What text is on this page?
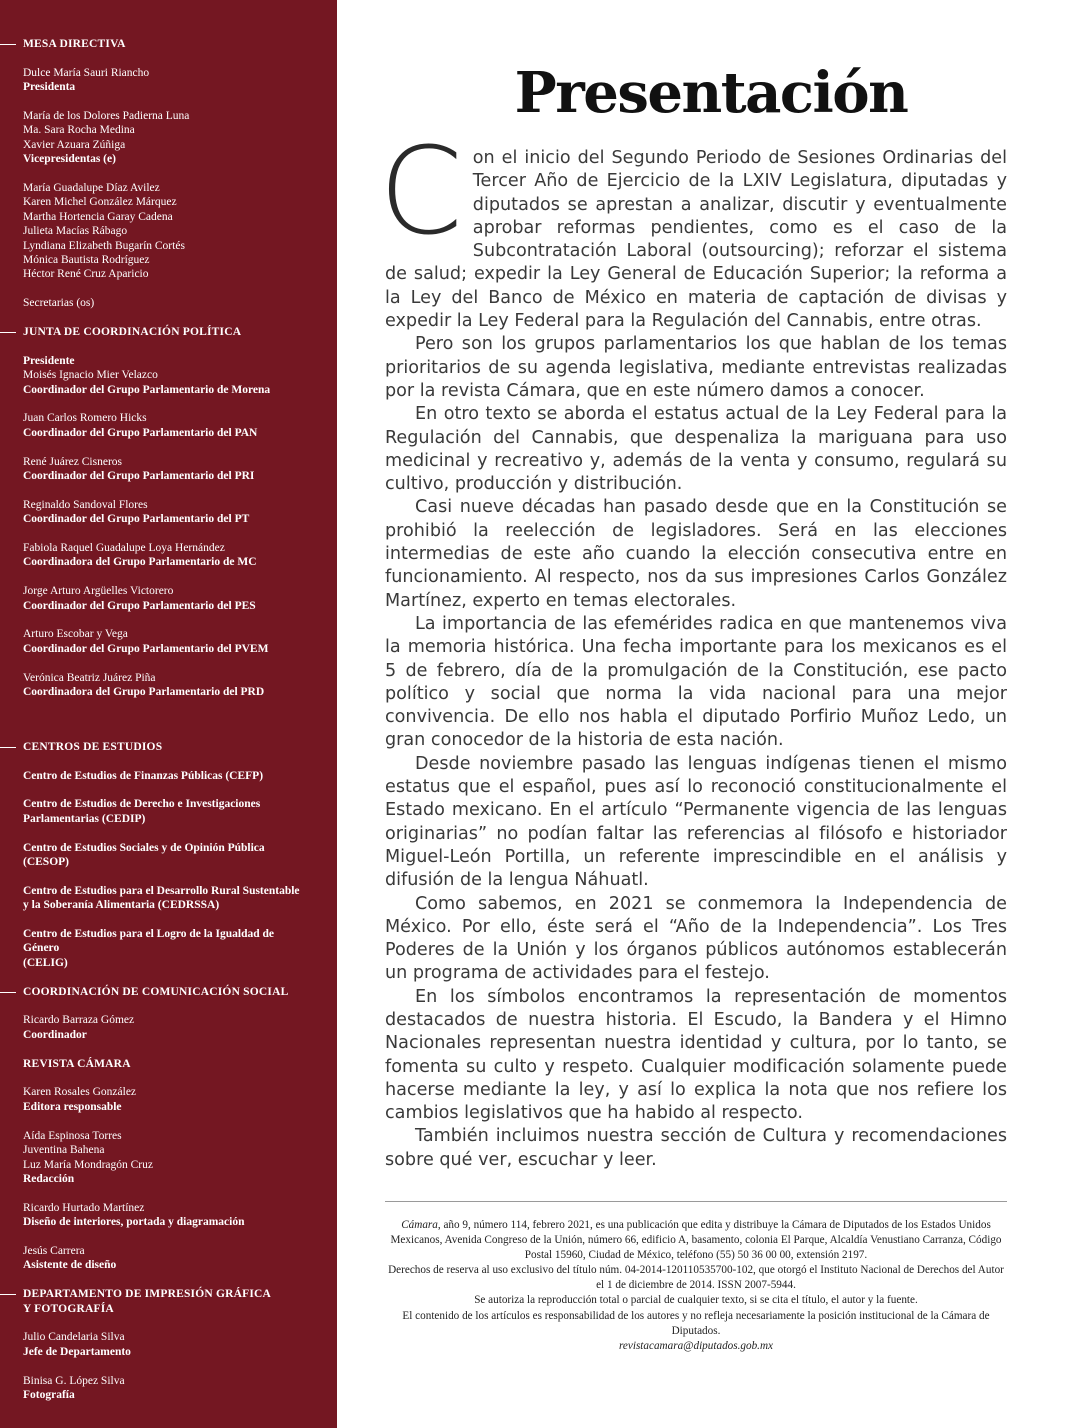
MESA DIRECTIVA
Dulce María Sauri Riancho
Presidenta
María de los Dolores Padierna Luna
Ma. Sara Rocha Medina
Xavier Azuara Zúñiga
Vicepresidentas (e)
María Guadalupe Díaz Avilez
Karen Michel González Márquez
Martha Hortencia Garay Cadena
Julieta Macías Rábago
Lyndiana Elizabeth Bugarín Cortés
Mónica Bautista Rodríguez
Héctor René Cruz Aparicio
Secretarias (os)
JUNTA DE COORDINACIÓN POLÍTICA
Presidente
Moisés Ignacio Mier Velazco
Coordinador del Grupo Parlamentario de Morena
Juan Carlos Romero Hicks
Coordinador del Grupo Parlamentario del PAN
René Juárez Cisneros
Coordinador del Grupo Parlamentario del PRI
Reginaldo Sandoval Flores
Coordinador del Grupo Parlamentario del PT
Fabiola Raquel Guadalupe Loya Hernández
Coordinadora del Grupo Parlamentario de MC
Jorge Arturo Argüelles Victorero
Coordinador del Grupo Parlamentario del PES
Arturo Escobar y Vega
Coordinador del Grupo Parlamentario del PVEM
Verónica Beatriz Juárez Piña
Coordinadora del Grupo Parlamentario del PRD
CENTROS DE ESTUDIOS
Centro de Estudios de Finanzas Públicas (CEFP)
Centro de Estudios de Derecho e Investigaciones
Parlamentarias (CEDIP)
Centro de Estudios Sociales y de Opinión Pública
(CESOP)
Centro de Estudios para el Desarrollo Rural Sustentable
y la Soberanía Alimentaria (CEDRSSA)
Centro de Estudios para el Logro de la Igualdad de
Género
(CELIG)
COORDINACIÓN DE COMUNICACIÓN SOCIAL
Ricardo Barraza Gómez
Coordinador
REVISTA CÁMARA
Karen Rosales González
Editora responsable
Aída Espinosa Torres
Juventina Bahena
Luz María Mondragón Cruz
Redacción
Ricardo Hurtado Martínez
Diseño de interiores, portada y diagramación
Jesús Carrera
Asistente de diseño
DEPARTAMENTO DE IMPRESIÓN GRÁFICA
Y FOTOGRAFÍA
Julio Candelaria Silva
Jefe de Departamento
Binisa G. López Silva
Fotografía
Presentación

Con el inicio del Segundo Periodo de Sesiones Ordinarias del Tercer Año de Ejercicio de la LXIV Legislatura, diputadas y diputados se aprestan a analizar, discutir y eventualmente aprobar reformas pendientes, como es el caso de la Subcontratación Laboral (outsourcing); reforzar el sistema de salud; expedir la Ley General de Educación Superior; la reforma a la Ley del Banco de México en materia de captación de divisas y expedir la Ley Federal para la Regulación del Cannabis, entre otras.

Pero son los grupos parlamentarios los que hablan de los temas prioritarios de su agenda legislativa, mediante entrevistas realizadas por la revista Cámara, que en este número damos a conocer.

En otro texto se aborda el estatus actual de la Ley Federal para la Regulación del Cannabis, que despenaliza la mariguana para uso medicinal y recreativo y, además de la venta y consumo, regulará su cultivo, producción y distribución.

Casi nueve décadas han pasado desde que en la Constitución se prohibió la reelección de legisladores. Será en las elecciones intermedias de este año cuando la elección consecutiva entre en funcionamiento. Al respecto, nos da sus impresiones Carlos González Martínez, experto en temas electorales.

La importancia de las efemérides radica en que mantenemos viva la memoria histórica. Una fecha importante para los mexicanos es el 5 de febrero, día de la promulgación de la Constitución, ese pacto político y social que norma la vida nacional para una mejor convivencia. De ello nos habla el diputado Porfirio Muñoz Ledo, un gran conocedor de la historia de esta nación.

Desde noviembre pasado las lenguas indígenas tienen el mismo estatus que el español, pues así lo reconoció constitucionalmente el Estado mexicano. En el artículo “Permanente vigencia de las lenguas originarias” no podían faltar las referencias al filósofo e historiador Miguel-León Portilla, un referente imprescindible en el análisis y difusión de la lengua Náhuatl.

Como sabemos, en 2021 se conmemora la Independencia de México. Por ello, éste será el “Año de la Independencia”. Los Tres Poderes de la Unión y los órganos públicos autónomos establecerán un programa de actividades para el festejo.

En los símbolos encontramos la representación de momentos destacados de nuestra historia. El Escudo, la Bandera y el Himno Nacionales representan nuestra identidad y cultura, por lo tanto, se fomenta su culto y respeto. Cualquier modificación solamente puede hacerse mediante la ley, y así lo explica la nota que nos refiere los cambios legislativos que ha habido al respecto.

También incluimos nuestra sección de Cultura y recomendaciones sobre qué ver, escuchar y leer.

Cámara, año 9, número 114, febrero 2021, es una publicación que edita y distribuye la Cámara de Diputados de los Estados Unidos Mexicanos, Avenida Congreso de la Unión, número 66, edificio A, basamento, colonia El Parque, Alcaldía Venustiano Carranza, Código Postal 15960, Ciudad de México, teléfono (55) 50 36 00 00, extensión 2197.
Derechos de reserva al uso exclusivo del título núm. 04-2014-120110535700-102, que otorgó el Instituto Nacional de Derechos del Autor el 1 de diciembre de 2014. ISSN 2007-5944.
Se autoriza la reproducción total o parcial de cualquier texto, si se cita el título, el autor y la fuente.
El contenido de los artículos es responsabilidad de los autores y no refleja necesariamente la posición institucional de la Cámara de Diputados.
revistacamara@diputados.gob.mx
